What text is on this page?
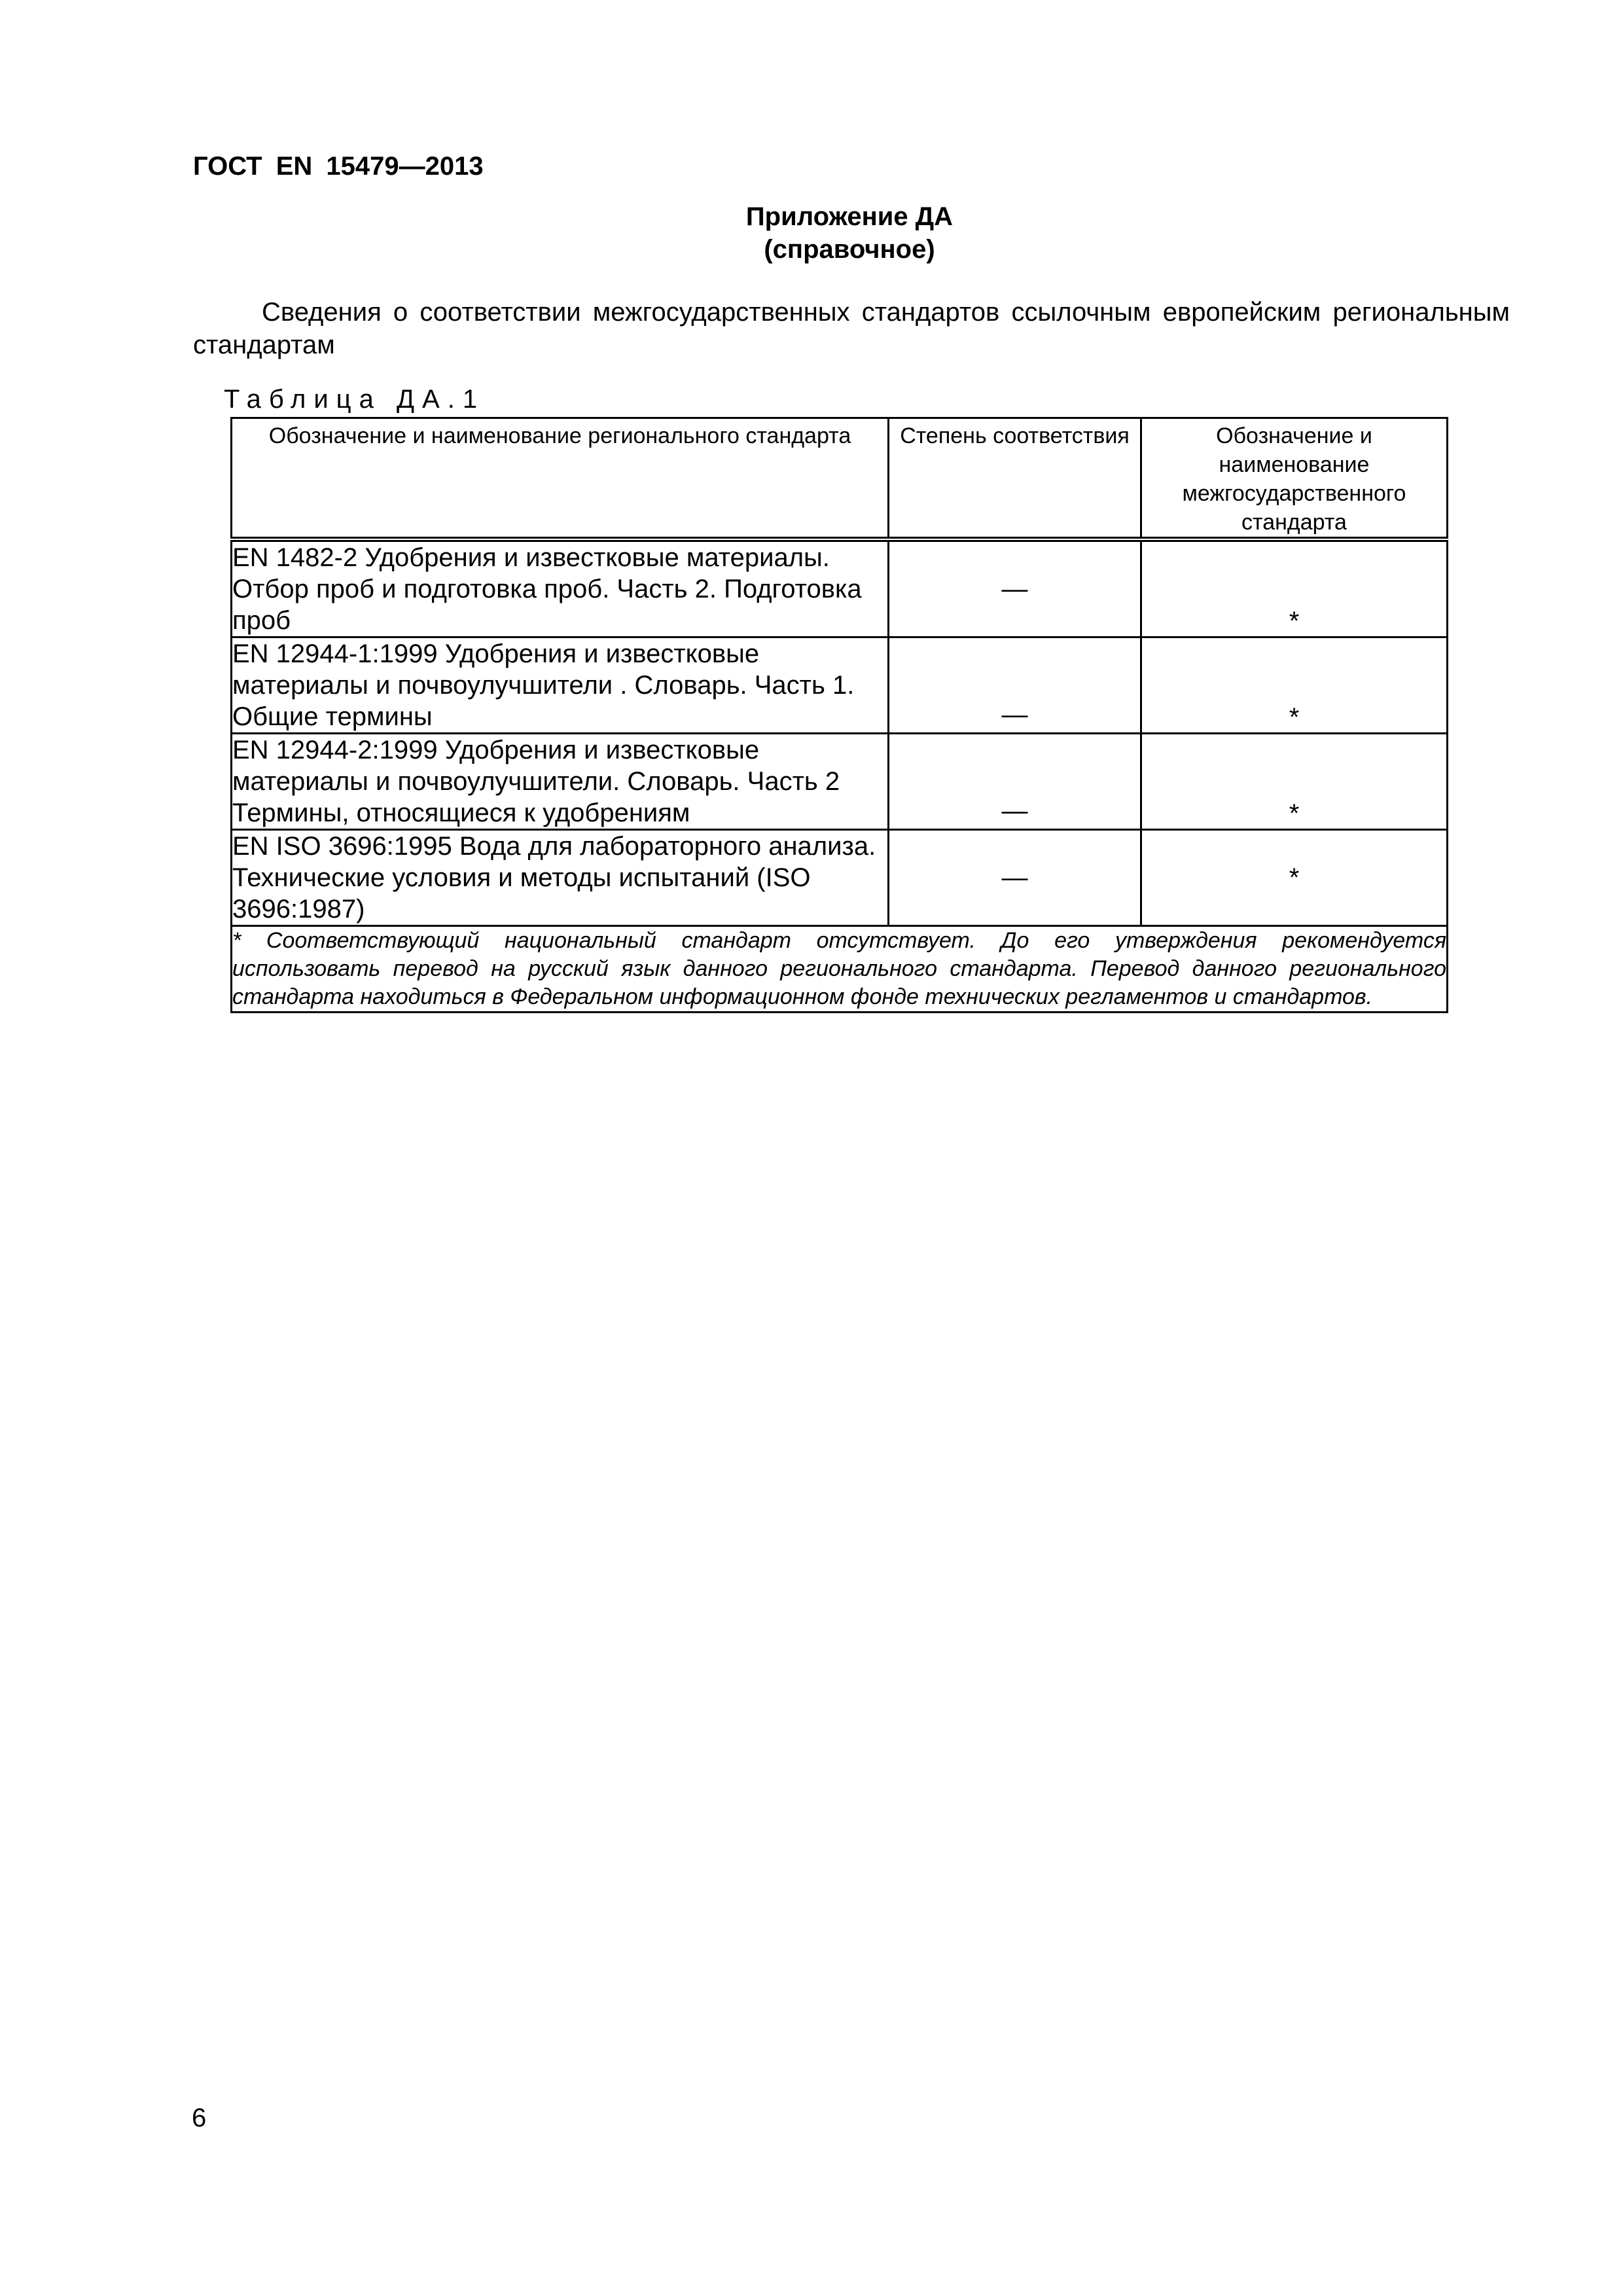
ГОСТ EN 15479—2013
Приложение ДА
(справочное)

Сведения о соответствии межгосударственных стандартов ссылочным европейским региональным стандартам

Таблица ДА.1
Обозначение и наименование регионального стандарта	Степень соответствия	Обозначение и наименование межгосударственного стандарта
EN 1482-2 Удобрения и известковые материалы. Отбор проб и подготовка проб. Часть 2. Подготовка проб	—	*
EN 12944-1:1999 Удобрения и известковые материалы и почвоулучшители . Словарь. Часть 1. Общие термины	—	*
EN 12944-2:1999 Удобрения и известковые материалы и почвоулучшители. Словарь. Часть 2 Термины, относящиеся к удобрениям	—	*
EN ISO 3696:1995 Вода для лабораторного анализа. Технические условия и методы испытаний (ISO 3696:1987)	—	*
* Соответствующий национальный стандарт отсутствует. До его утверждения рекомендуется использовать перевод на русский язык данного регионального стандарта. Перевод данного регионального стандарта находиться в Федеральном информационном фонде технических регламентов и стандартов.		
6
